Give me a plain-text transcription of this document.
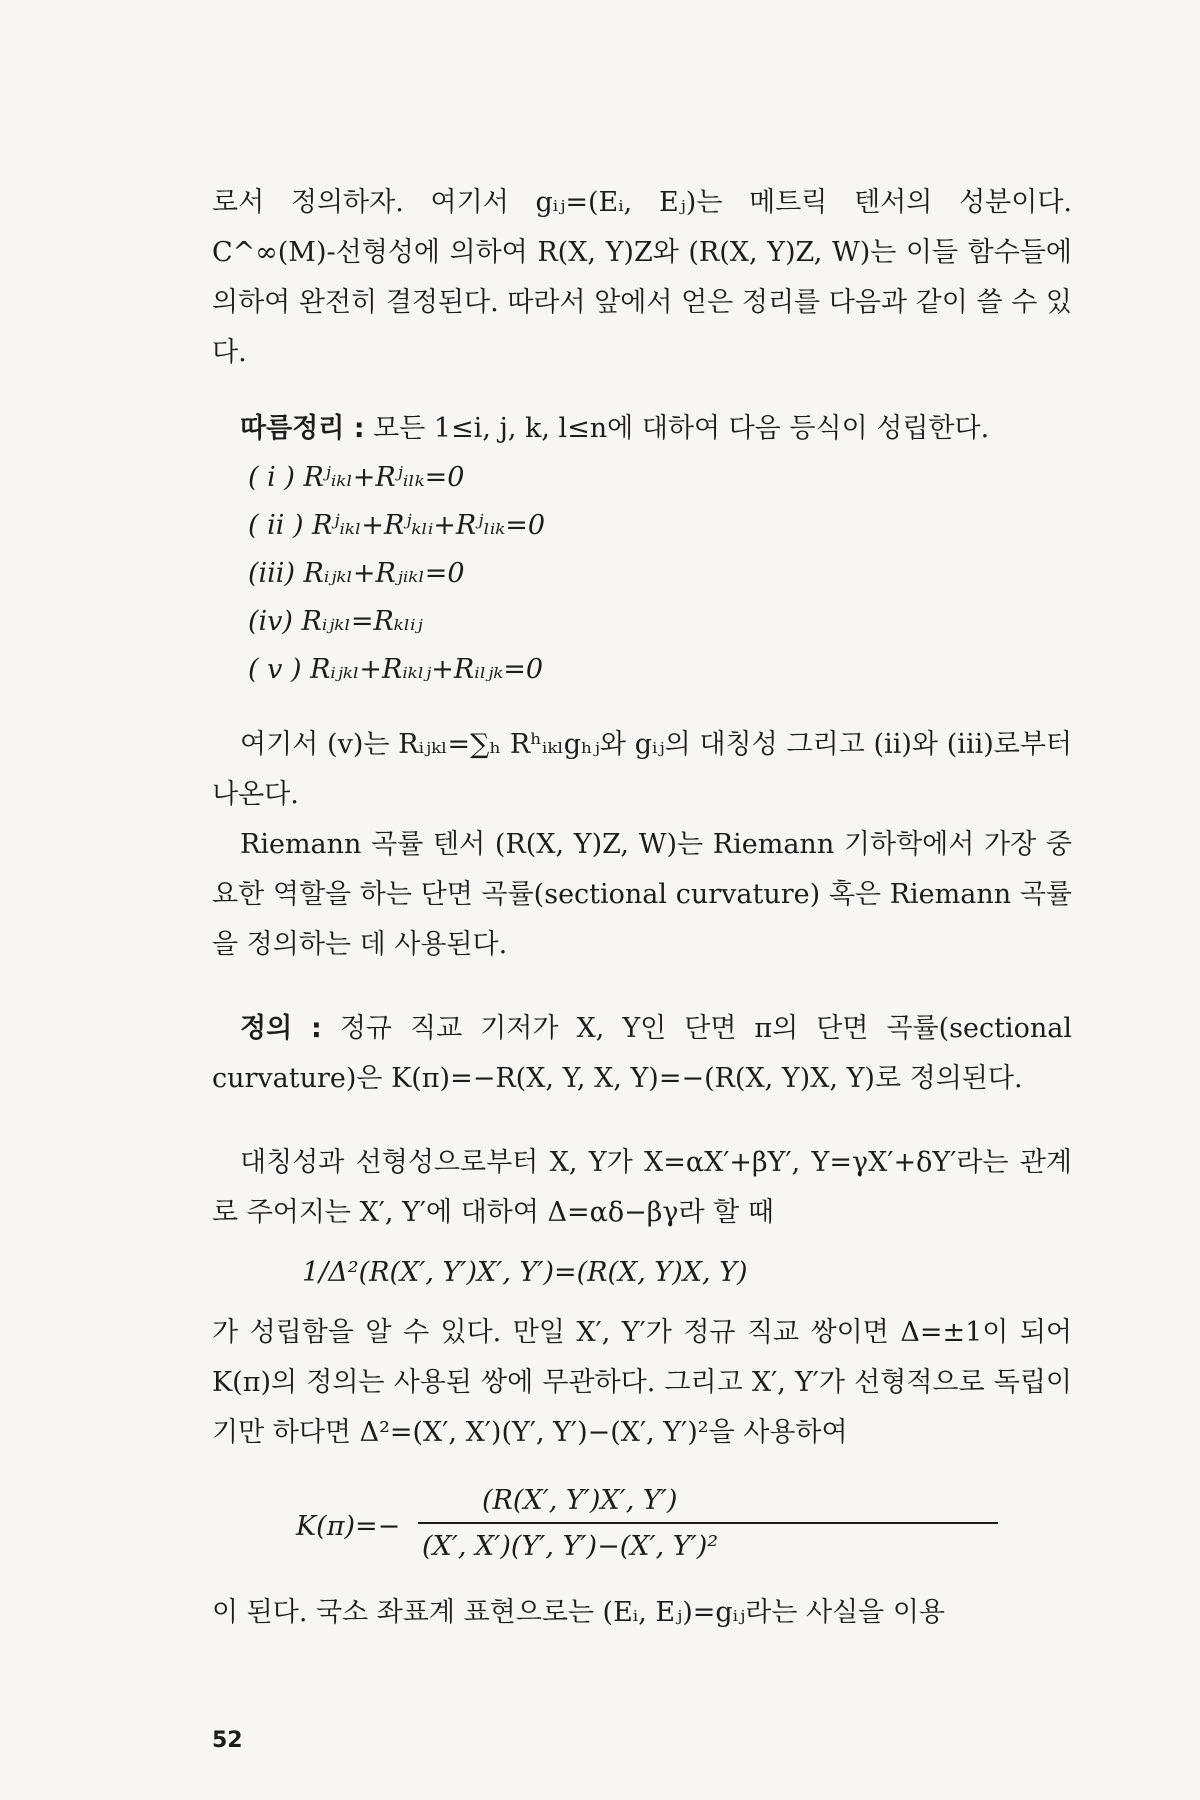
로서 정의하자. 여기서 gᵢⱼ=(Eᵢ, Eⱼ)는 메트릭 텐서의 성분이다. C^∞(M)-선형성에 의하여 R(X, Y)Z와 (R(X, Y)Z, W)는 이들 함수들에 의하여 완전히 결정된다. 따라서 앞에서 얻은 정리를 다음과 같이 쓸 수 있다.

따름정리 : 모든 1≤i, j, k, l≤n에 대하여 다음 등식이 성립한다.

( i ) Rʲᵢₖₗ+Rʲᵢₗₖ=0
( ii ) Rʲᵢₖₗ+Rʲₖₗᵢ+Rʲₗᵢₖ=0
(iii) Rᵢⱼₖₗ+Rⱼᵢₖₗ=0
(iv) Rᵢⱼₖₗ=Rₖₗᵢⱼ
( v ) Rᵢⱼₖₗ+Rᵢₖₗⱼ+Rᵢₗⱼₖ=0

여기서 (v)는 Rᵢⱼₖₗ=∑ₕ Rʰᵢₖₗgₕⱼ와 gᵢⱼ의 대칭성 그리고 (ii)와 (iii)로부터 나온다.

Riemann 곡률 텐서 (R(X, Y)Z, W)는 Riemann 기하학에서 가장 중요한 역할을 하는 단면 곡률(sectional curvature) 혹은 Riemann 곡률을 정의하는 데 사용된다.

정의 : 정규 직교 기저가 X, Y인 단면 π의 단면 곡률(sectional curvature)은 K(π)=−R(X, Y, X, Y)=−(R(X, Y)X, Y)로 정의된다.

대칭성과 선형성으로부터 X, Y가 X=αX′+βY′, Y=γX′+δY′라는 관계로 주어지는 X′, Y′에 대하여 Δ=αδ−βγ라 할 때

1/Δ²(R(X′, Y′)X′, Y′)=(R(X, Y)X, Y)

가 성립함을 알 수 있다. 만일 X′, Y′가 정규 직교 쌍이면 Δ=±1이 되어 K(π)의 정의는 사용된 쌍에 무관하다. 그리고 X′, Y′가 선형적으로 독립이기만 하다면 Δ²=(X′, X′)(Y′, Y′)−(X′, Y′)²을 사용하여

K(π)=−
(R(X′, Y′)X′, Y′)
(X′, X′)(Y′, Y′)−(X′, Y′)²

이 된다. 국소 좌표계 표현으로는 (Eᵢ, Eⱼ)=gᵢⱼ라는 사실을 이용

52
